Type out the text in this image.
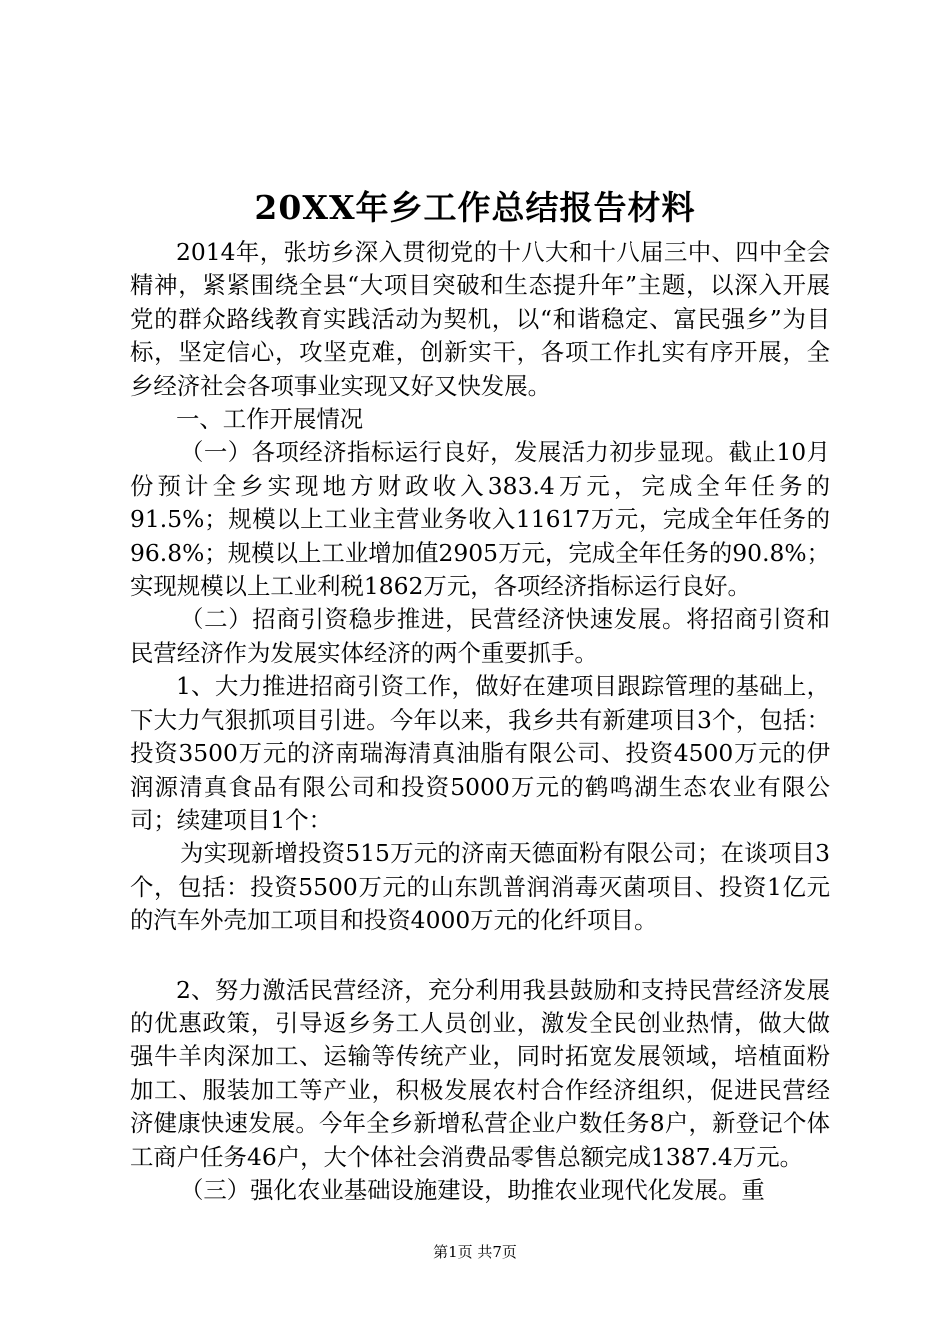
20XX年乡工作总结报告材料

2014年，张坊乡深入贯彻党的十八大和十八届三中、四中全会精神，紧紧围绕全县“大项目突破和生态提升年”主题，以深入开展党的群众路线教育实践活动为契机，以“和谐稳定、富民强乡”为目标，坚定信心，攻坚克难，创新实干，各项工作扎实有序开展，全乡经济社会各项事业实现又好又快发展。

一、工作开展情况

（一）各项经济指标运行良好，发展活力初步显现。截止10月份预计全乡实现地方财政收入383.4万元，完成全年任务的91.5%；规模以上工业主营业务收入11617万元，完成全年任务的96.8%；规模以上工业增加值2905万元，完成全年任务的90.8%；实现规模以上工业利税1862万元，各项经济指标运行良好。

（二）招商引资稳步推进，民营经济快速发展。将招商引资和民营经济作为发展实体经济的两个重要抓手。

1、大力推进招商引资工作，做好在建项目跟踪管理的基础上，下大力气狠抓项目引进。今年以来，我乡共有新建项目3个，包括：投资3500万元的济南瑞海清真油脂有限公司、投资4500万元的伊润源清真食品有限公司和投资5000万元的鹤鸣湖生态农业有限公司；续建项目1个：

为实现新增投资515万元的济南天德面粉有限公司；在谈项目3个，包括：投资5500万元的山东凯普润消毒灭菌项目、投资1亿元的汽车外壳加工项目和投资4000万元的化纤项目。

2、努力激活民营经济，充分利用我县鼓励和支持民营经济发展的优惠政策，引导返乡务工人员创业，激发全民创业热情，做大做强牛羊肉深加工、运输等传统产业，同时拓宽发展领域，培植面粉加工、服装加工等产业，积极发展农村合作经济组织，促进民营经济健康快速发展。今年全乡新增私营企业户数任务8户，新登记个体工商户任务46户，大个体社会消费品零售总额完成1387.4万元。

（三）强化农业基础设施建设，助推农业现代化发展。重

第1页 共7页
